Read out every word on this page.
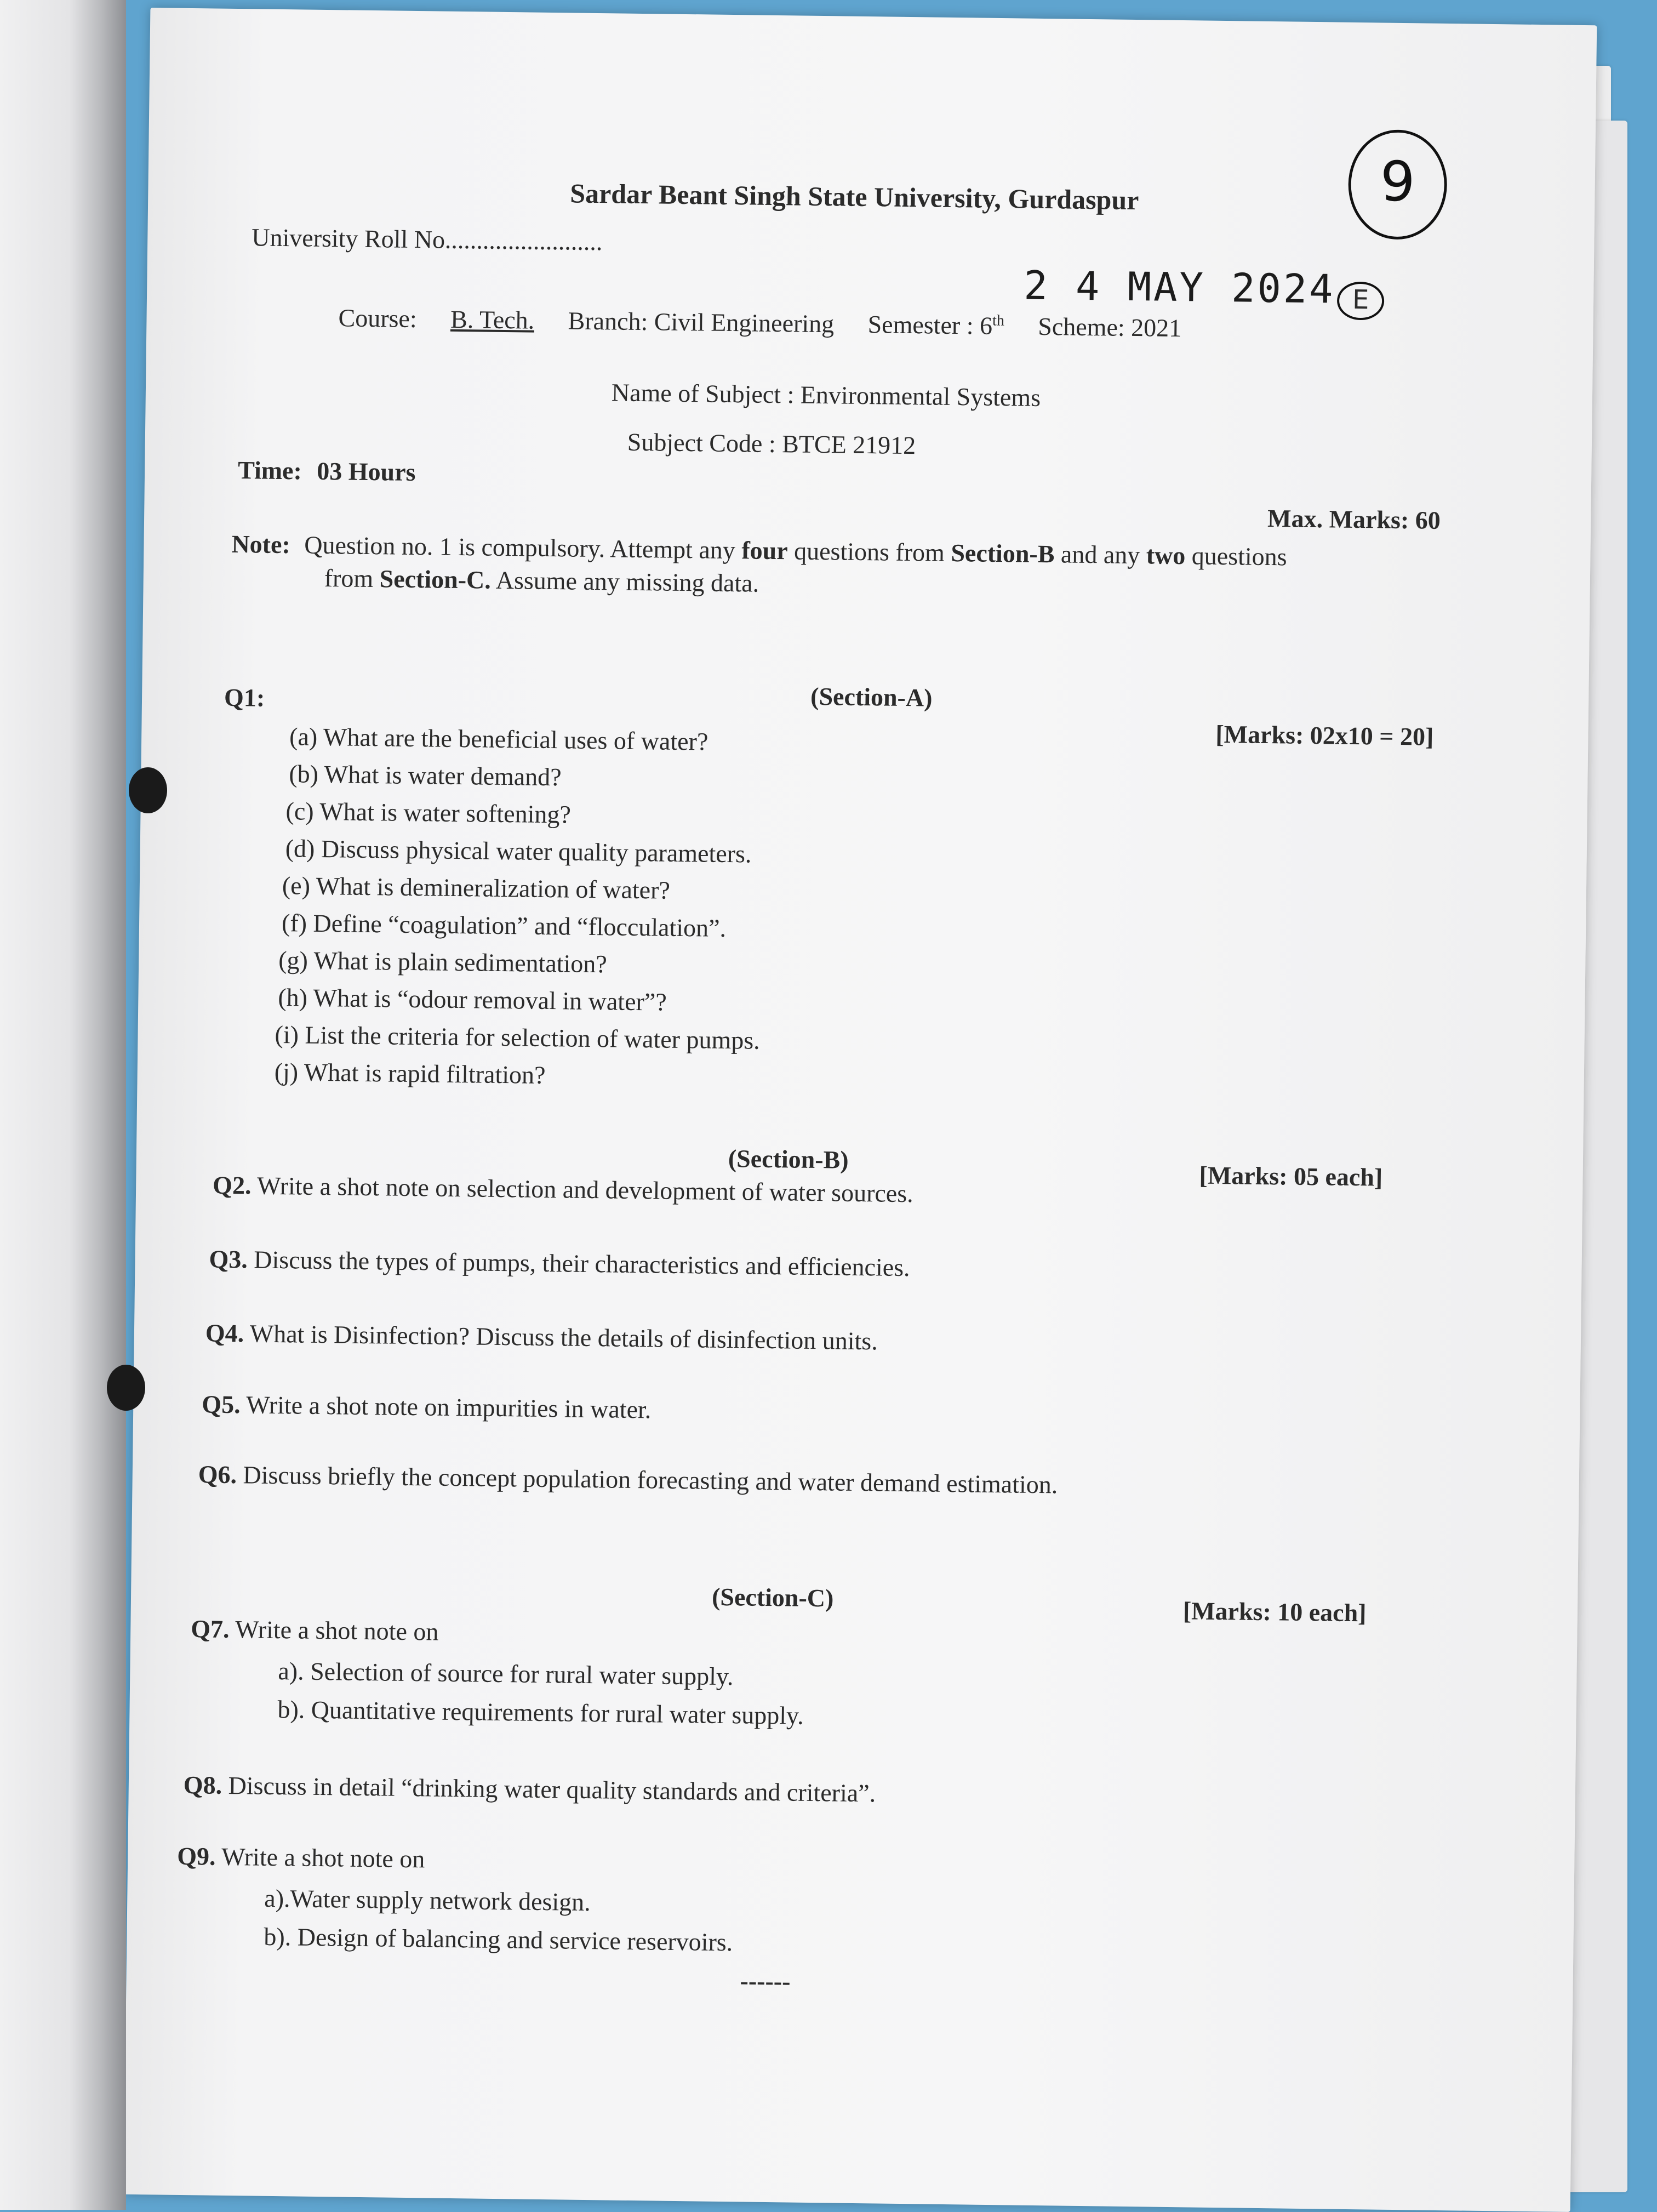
9
Sardar Beant Singh State University, Gurdaspur
University Roll No.........................
2 4 MAY 2024 E
Course: B. Tech. Branch: Civil Engineering Semester : 6th Scheme: 2021
Name of Subject : Environmental Systems
Subject Code : BTCE 21912
Time: 03 Hours
Max. Marks: 60
Note: Question no. 1 is compulsory. Attempt any four questions from Section-B and any two questions
from Section-C. Assume any missing data.
Q1:	(Section-A)
[Marks: 02x10 = 20]
(a) What are the beneficial uses of water?
(b) What is water demand?
(c) What is water softening?
(d) Discuss physical water quality parameters.
(e) What is demineralization of water?
(f) Define “coagulation” and “flocculation”.
(g) What is plain sedimentation?
(h) What is “odour removal in water”?
(i) List the criteria for selection of water pumps.
(j) What is rapid filtration?
(Section-B)
[Marks: 05 each]
Q2. Write a shot note on selection and development of water sources.
Q3. Discuss the types of pumps, their characteristics and efficiencies.
Q4. What is Disinfection? Discuss the details of disinfection units.
Q5. Write a shot note on impurities in water.
Q6. Discuss briefly the concept population forecasting and water demand estimation.
(Section-C)	[Marks: 10 each]
Q7. Write a shot note on
a). Selection of source for rural water supply.
b). Quantitative requirements for rural water supply.
Q8. Discuss in detail “drinking water quality standards and criteria”.
Q9. Write a shot note on
a).Water supply network design.
b). Design of balancing and service reservoirs.
------
